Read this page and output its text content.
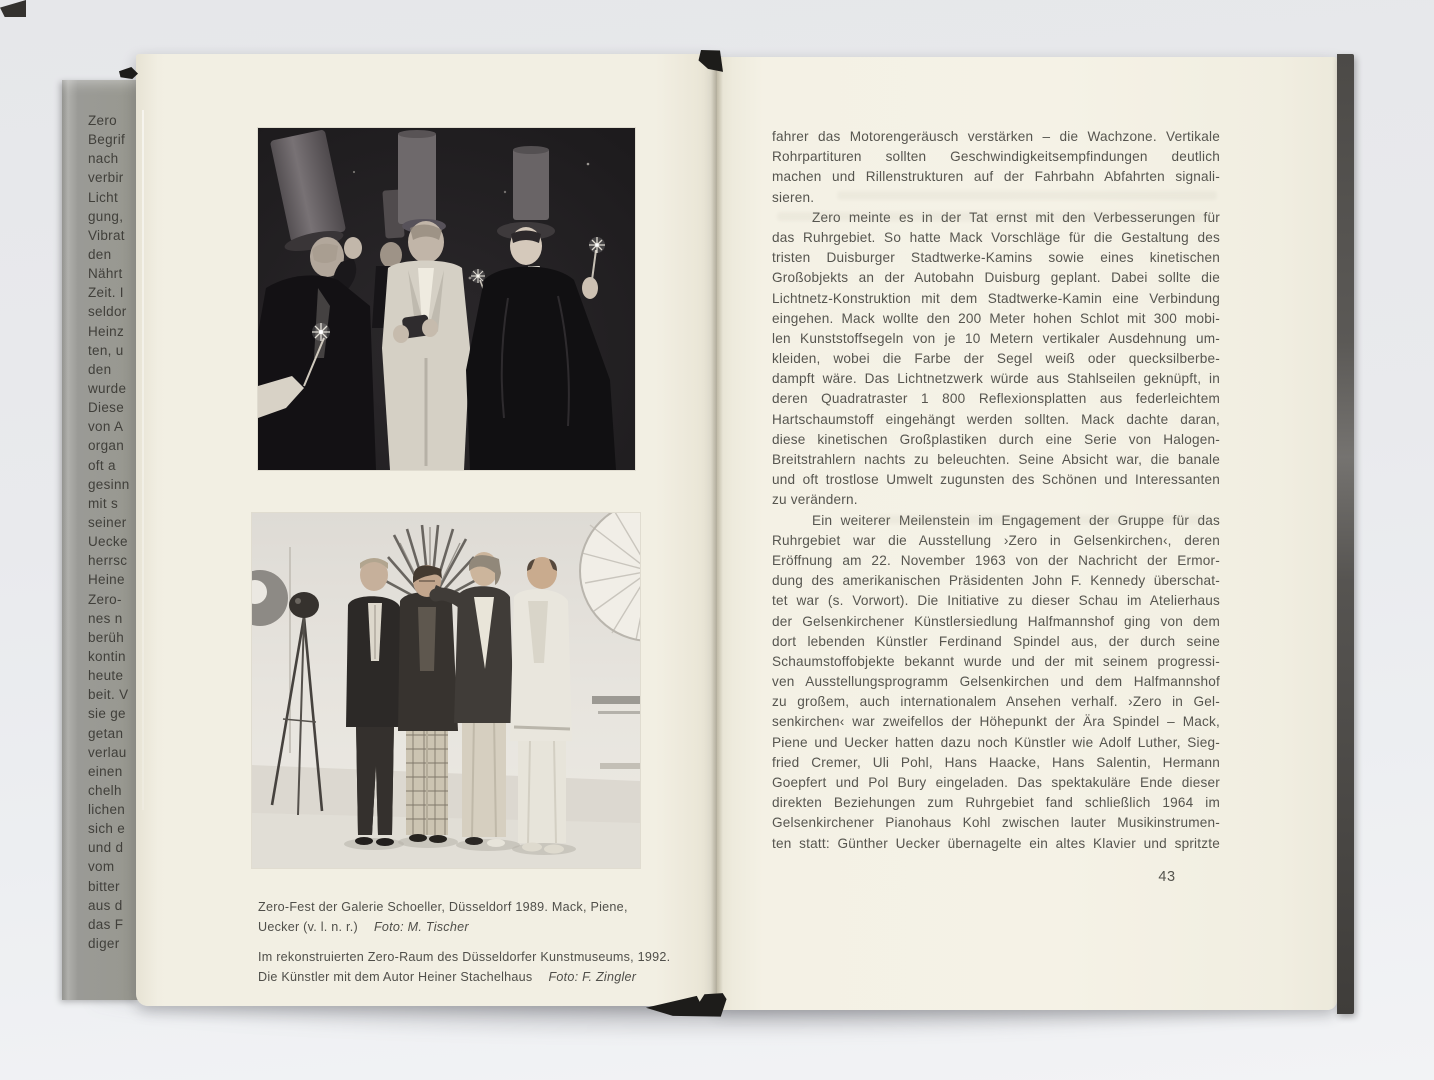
Zero
Begrif
nach
verbir
Licht
gung,
Vibrat
den
Nährt
Zeit. I
seldor
Heinz
ten, u
den
wurde
Diese
von A
organ
oft a
gesinn
mit s
seiner
Uecke
herrsc
Heine
Zero-
nes n
berüh
kontin
heute
beit. V
sie ge
getan
verlau
einen
chelh
lichen
sich e
und d
vom
bitter
aus d
das F
diger
Zero-Fest der Galerie Schoeller, Düsseldorf 1989. Mack, Piene,
Uecker (v. l. n. r.) Foto: M. Tischer
Im rekonstruierten Zero-Raum des Düsseldorfer Kunstmuseums, 1992.
Die Künstler mit dem Autor Heiner Stachelhaus Foto: F. Zingler
fahrer das Motorengeräusch verstärken – die Wachzone. Vertikale
Rohrpartituren sollten Geschwindigkeitsempfindungen deutlich
machen und Rillenstrukturen auf der Fahrbahn Abfahrten signali-
sieren.
Zero meinte es in der Tat ernst mit den Verbesserungen für
das Ruhrgebiet. So hatte Mack Vorschläge für die Gestaltung des
tristen Duisburger Stadtwerke-Kamins sowie eines kinetischen
Großobjekts an der Autobahn Duisburg geplant. Dabei sollte die
Lichtnetz-Konstruktion mit dem Stadtwerke-Kamin eine Verbindung
eingehen. Mack wollte den 200 Meter hohen Schlot mit 300 mobi-
len Kunststoffsegeln von je 10 Metern vertikaler Ausdehnung um-
kleiden, wobei die Farbe der Segel weiß oder quecksilberbe-
dampft wäre. Das Lichtnetzwerk würde aus Stahlseilen geknüpft, in
deren Quadratraster 1 800 Reflexionsplatten aus federleichtem
Hartschaumstoff eingehängt werden sollten. Mack dachte daran,
diese kinetischen Großplastiken durch eine Serie von Halogen-
Breitstrahlern nachts zu beleuchten. Seine Absicht war, die banale
und oft trostlose Umwelt zugunsten des Schönen und Interessanten
zu verändern.
Ein weiterer Meilenstein im Engagement der Gruppe für das
Ruhrgebiet war die Ausstellung ›Zero in Gelsenkirchen‹, deren
Eröffnung am 22. November 1963 von der Nachricht der Ermor-
dung des amerikanischen Präsidenten John F. Kennedy überschat-
tet war (s. Vorwort). Die Initiative zu dieser Schau im Atelierhaus
der Gelsenkirchener Künstlersiedlung Halfmannshof ging von dem
dort lebenden Künstler Ferdinand Spindel aus, der durch seine
Schaumstoffobjekte bekannt wurde und der mit seinem progressi-
ven Ausstellungsprogramm Gelsenkirchen und dem Halfmannshof
zu großem, auch internationalem Ansehen verhalf. ›Zero in Gel-
senkirchen‹ war zweifellos der Höhepunkt der Ära Spindel – Mack,
Piene und Uecker hatten dazu noch Künstler wie Adolf Luther, Sieg-
fried Cremer, Uli Pohl, Hans Haacke, Hans Salentin, Hermann
Goepfert und Pol Bury eingeladen. Das spektakuläre Ende dieser
direkten Beziehungen zum Ruhrgebiet fand schließlich 1964 im
Gelsenkirchener Pianohaus Kohl zwischen lauter Musikinstrumen-
ten statt: Günther Uecker übernagelte ein altes Klavier und spritzte
43
